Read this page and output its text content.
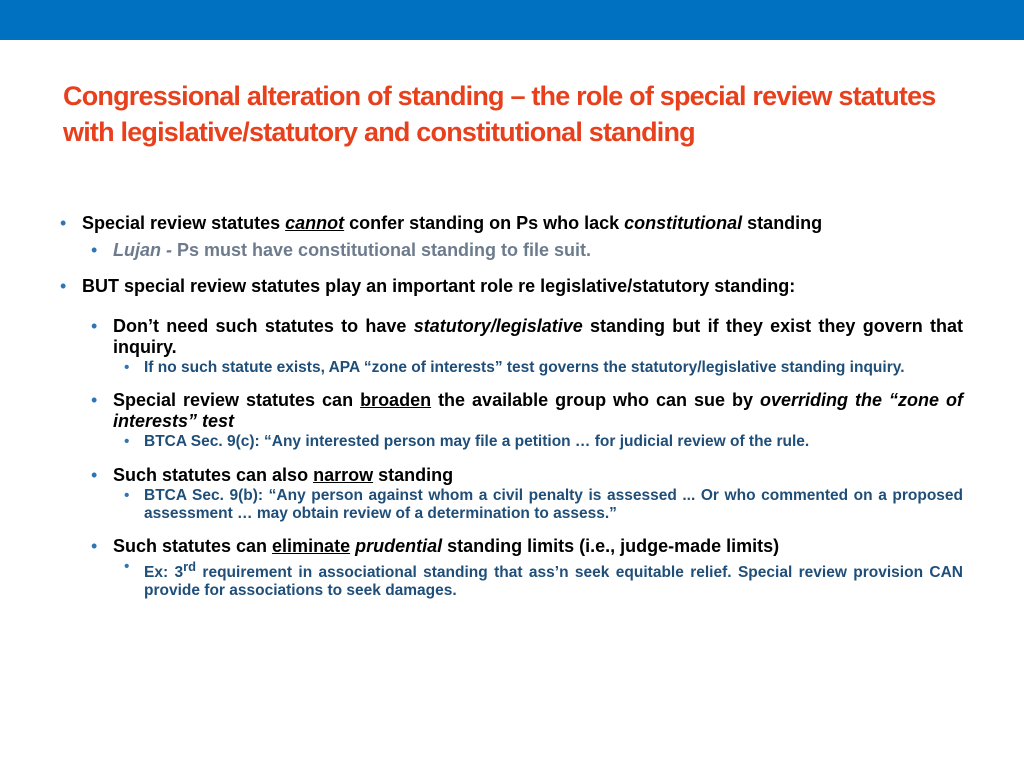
Congressional alteration of standing – the role of special review statutes with legislative/statutory and constitutional standing
• Special review statutes cannot confer standing on Ps who lack constitutional standing
• Lujan - Ps must have constitutional standing to file suit.
• BUT special review statutes play an important role re legislative/statutory standing:
• Don’t need such statutes to have statutory/legislative standing but if they exist they govern that inquiry.
• If no such statute exists, APA “zone of interests” test governs the statutory/legislative standing inquiry.
• Special review statutes can broaden the available group who can sue by overriding the “zone of interests” test
• BTCA Sec. 9(c): “Any interested person may file a petition … for judicial review of the rule.
• Such statutes can also narrow standing
• BTCA Sec. 9(b): “Any person against whom a civil penalty is assessed ... Or who commented on a proposed assessment … may obtain review of a determination to assess.”
• Such statutes can eliminate prudential standing limits (i.e., judge-made limits)
• Ex: 3rd requirement in associational standing that ass’n seek equitable relief. Special review provision CAN provide for associations to seek damages.
